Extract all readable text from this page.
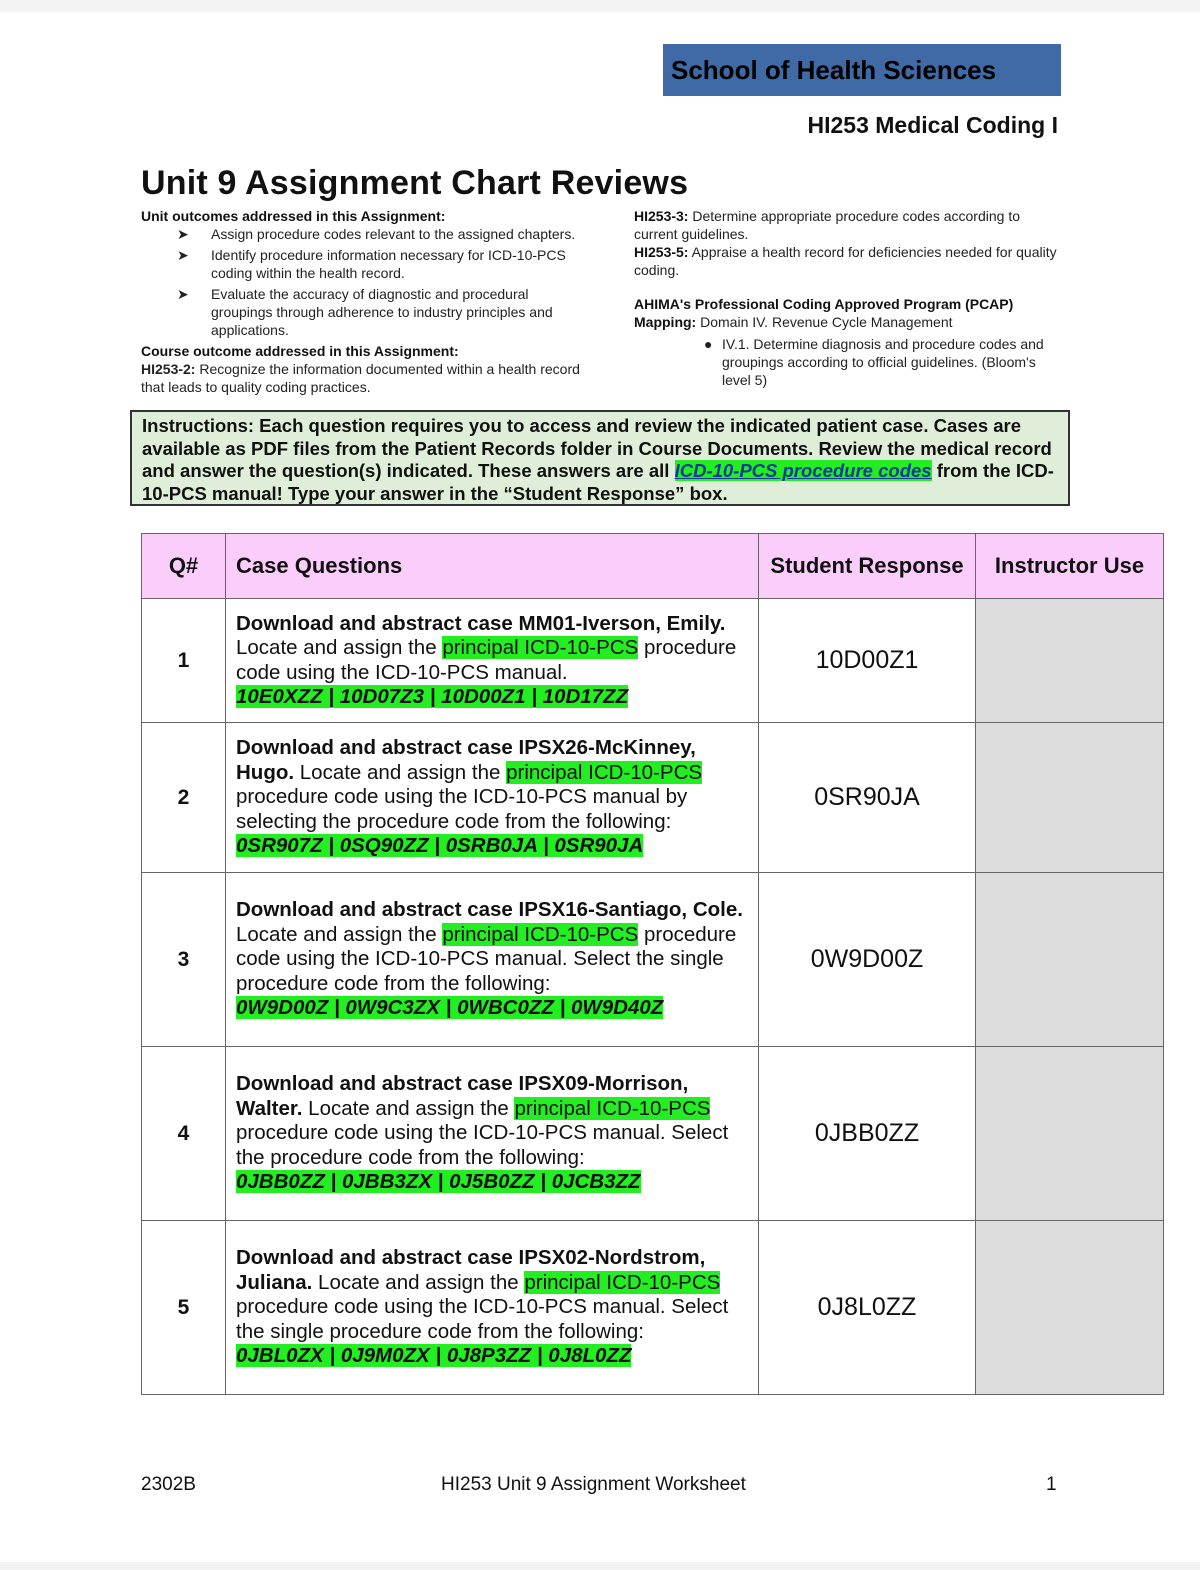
School of Health Sciences
HI253 Medical Coding I
Unit 9 Assignment Chart Reviews
Unit outcomes addressed in this Assignment:
➤ Assign procedure codes relevant to the assigned chapters.
➤ Identify procedure information necessary for ICD-10-PCS coding within the health record.
➤ Evaluate the accuracy of diagnostic and procedural groupings through adherence to industry principles and applications.
Course outcome addressed in this Assignment:
HI253-2: Recognize the information documented within a health record that leads to quality coding practices.
HI253-3: Determine appropriate procedure codes according to current guidelines.
HI253-5: Appraise a health record for deficiencies needed for quality coding.
AHIMA's Professional Coding Approved Program (PCAP) Mapping: Domain IV. Revenue Cycle Management
● IV.1. Determine diagnosis and procedure codes and groupings according to official guidelines. (Bloom's level 5)
Instructions: Each question requires you to access and review the indicated patient case. Cases are available as PDF files from the Patient Records folder in Course Documents. Review the medical record and answer the question(s) indicated. These answers are all ICD-10-PCS procedure codes from the ICD-10-PCS manual! Type your answer in the “Student Response” box.
Q#	Case Questions	Student Response	Instructor Use
1	Download and abstract case MM01-Iverson, Emily. Locate and assign the principal ICD-10-PCS procedure code using the ICD-10-PCS manual.
10E0XZZ | 10D07Z3 | 10D00Z1 | 10D17ZZ	10D00Z1	
2	Download and abstract case IPSX26-McKinney, Hugo. Locate and assign the principal ICD-10-PCS procedure code using the ICD-10-PCS manual by selecting the procedure code from the following:
0SR907Z | 0SQ90ZZ | 0SRB0JA | 0SR90JA	0SR90JA	
3	Download and abstract case IPSX16-Santiago, Cole. Locate and assign the principal ICD-10-PCS procedure code using the ICD-10-PCS manual. Select the single procedure code from the following:
0W9D00Z | 0W9C3ZX | 0WBC0ZZ | 0W9D40Z	0W9D00Z	
4	Download and abstract case IPSX09-Morrison, Walter. Locate and assign the principal ICD-10-PCS procedure code using the ICD-10-PCS manual. Select the procedure code from the following:
0JBB0ZZ | 0JBB3ZX | 0J5B0ZZ | 0JCB3ZZ	0JBB0ZZ	
5	Download and abstract case IPSX02-Nordstrom, Juliana. Locate and assign the principal ICD-10-PCS procedure code using the ICD-10-PCS manual. Select the single procedure code from the following:
0JBL0ZX | 0J9M0ZX | 0J8P3ZZ | 0J8L0ZZ	0J8L0ZZ	
2302B	HI253 Unit 9 Assignment Worksheet	1
